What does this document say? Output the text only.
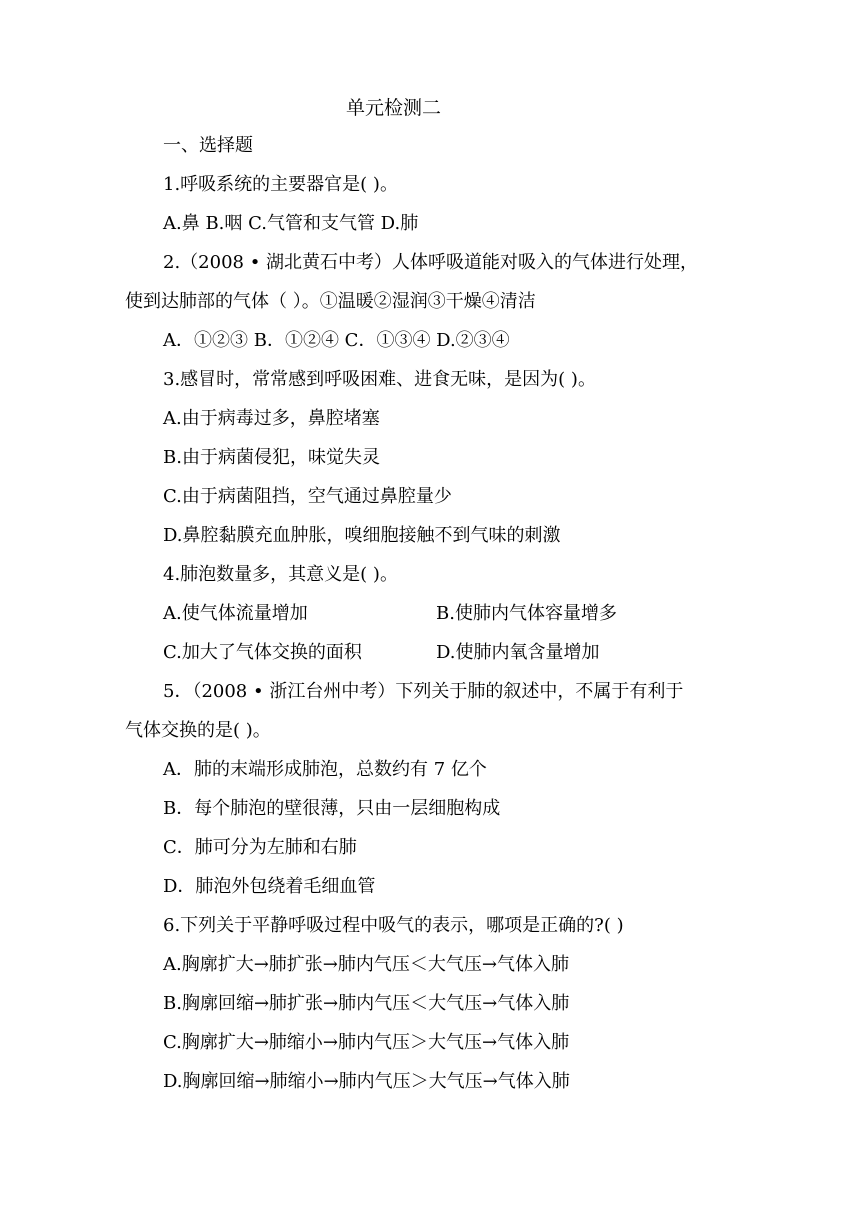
单元检测二
一、选择题
1.呼吸系统的主要器官是( )。
A.鼻 B.咽 C.气管和支气管 D.肺
2.（2008 • 湖北黄石中考）人体呼吸道能对吸入的气体进行处理，
使到达肺部的气体（ ）。①温暖②湿润③干燥④清洁
A．①②③ B．①②④ C．①③④ D.②③④
3.感冒时，常常感到呼吸困难、进食无味，是因为( )。
A.由于病毒过多，鼻腔堵塞
B.由于病菌侵犯，味觉失灵
C.由于病菌阻挡，空气通过鼻腔量少
D.鼻腔黏膜充血肿胀，嗅细胞接触不到气味的刺激
4.肺泡数量多，其意义是( )。
A.使气体流量增加	B.使肺内气体容量增多
C.加大了气体交换的面积	D.使肺内氧含量增加
5．（2008 • 浙江台州中考）下列关于肺的叙述中，不属于有利于
气体交换的是( )。
A．肺的末端形成肺泡，总数约有 7 亿个
B．每个肺泡的壁很薄，只由一层细胞构成
C．肺可分为左肺和右肺
D．肺泡外包绕着毛细血管
6.下列关于平静呼吸过程中吸气的表示，哪项是正确的?( )
A.胸廓扩大→肺扩张→肺内气压＜大气压→气体入肺
B.胸廓回缩→肺扩张→肺内气压＜大气压→气体入肺
C.胸廓扩大→肺缩小→肺内气压＞大气压→气体入肺
D.胸廓回缩→肺缩小→肺内气压＞大气压→气体入肺
